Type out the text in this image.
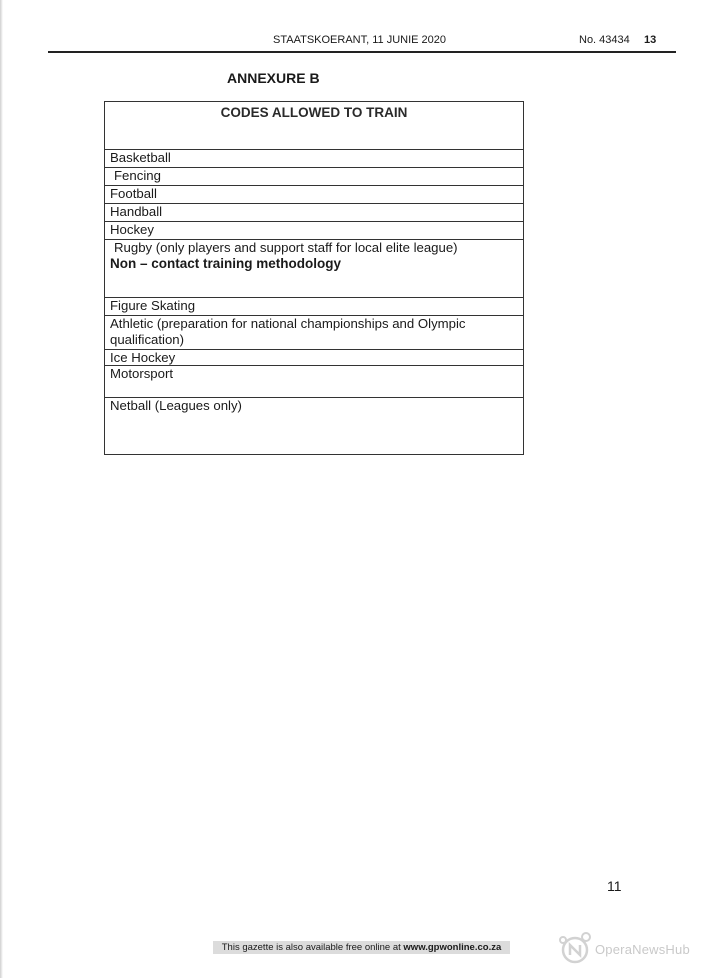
STAATSKOERANT, 11 JUNIE 2020	No. 43434 13
ANNEXURE B
CODES ALLOWED TO TRAIN
Basketball
Fencing
Football
Handball
Hockey
Rugby (only players and support staff for local elite league)
Non – contact training methodology
Figure Skating
Athletic (preparation for national championships and Olympic qualification)
Ice Hockey
Motorsport
Netball (Leagues only)
11
This gazette is also available free online at www.gpwonline.co.za	OperaNewsHub
